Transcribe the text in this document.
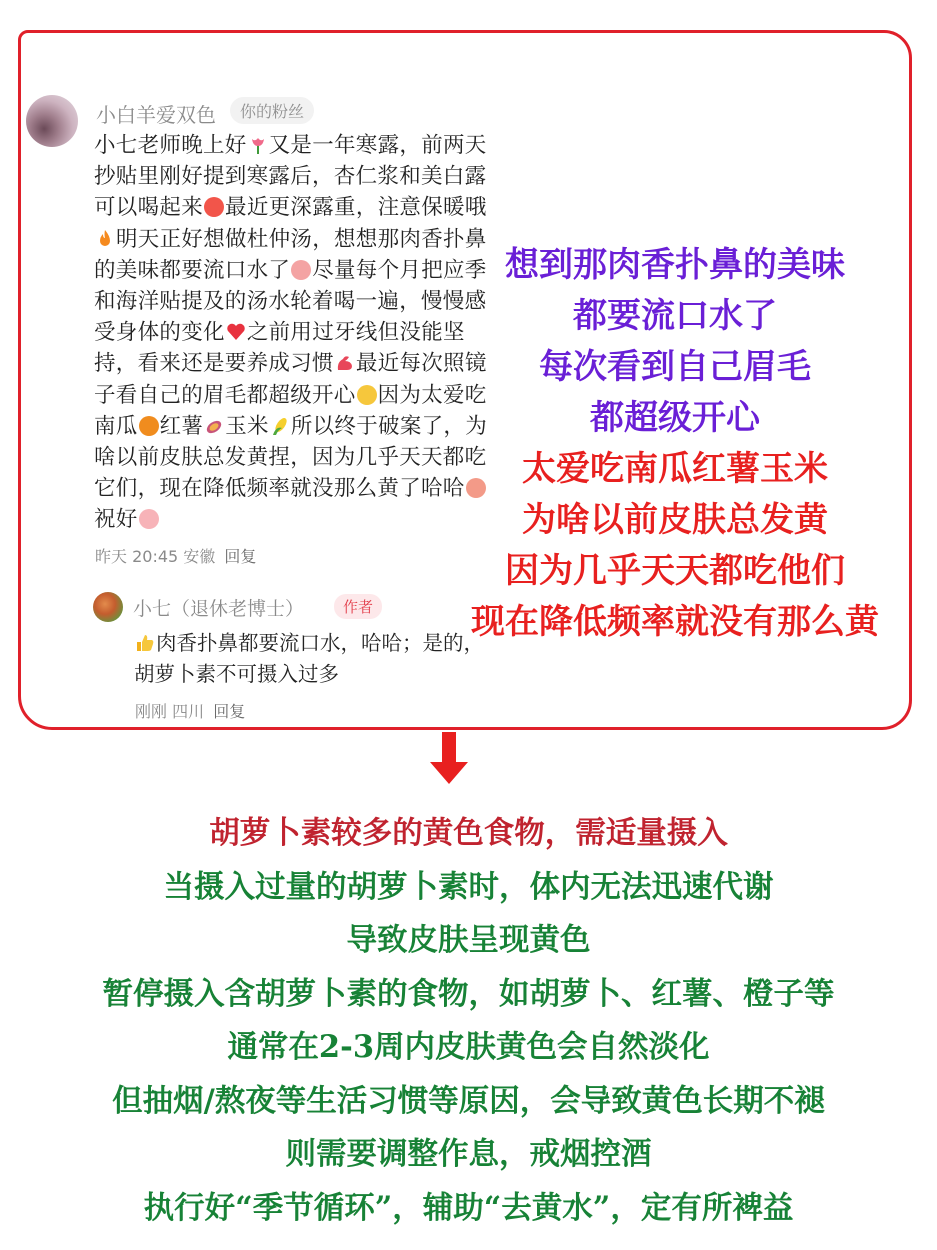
小白羊爱双色	你的粉丝
小七老师晚上好 又是一年寒露，前两天抄贴里刚好提到寒露后，杏仁浆和美白露可以喝起来 最近更深露重，注意保暖哦明天正好想做杜仲汤，想想那肉香扑鼻的美味都要流口水了 尽量每个月把应季和海洋贴提及的汤水轮着喝一遍，慢慢感受身体的变化 之前用过牙线但没能坚持，看来还是要养成习惯 最近每次照镜子看自己的眉毛都超级开心 因为太爱吃南瓜 红薯 玉米 所以终于破案了，为啥以前皮肤总发黄捏，因为几乎天天都吃它们，现在降低频率就没那么黄了哈哈祝好
昨天 20:45 安徽 回复
小七（退休老博士）	作者
肉香扑鼻都要流口水，哈哈；是的，胡萝卜素不可摄入过多
刚刚 四川 回复
想到那肉香扑鼻的美味
都要流口水了
每次看到自己眉毛
都超级开心
太爱吃南瓜红薯玉米
为啥以前皮肤总发黄
因为几乎天天都吃他们
现在降低频率就没有那么黄
胡萝卜素较多的黄色食物，需适量摄入
当摄入过量的胡萝卜素时，体内无法迅速代谢
导致皮肤呈现黄色
暂停摄入含胡萝卜素的食物，如胡萝卜、红薯、橙子等
通常在2-3周内皮肤黄色会自然淡化
但抽烟/熬夜等生活习惯等原因，会导致黄色长期不褪
则需要调整作息，戒烟控酒
执行好“季节循环”，辅助“去黄水”，定有所裨益
